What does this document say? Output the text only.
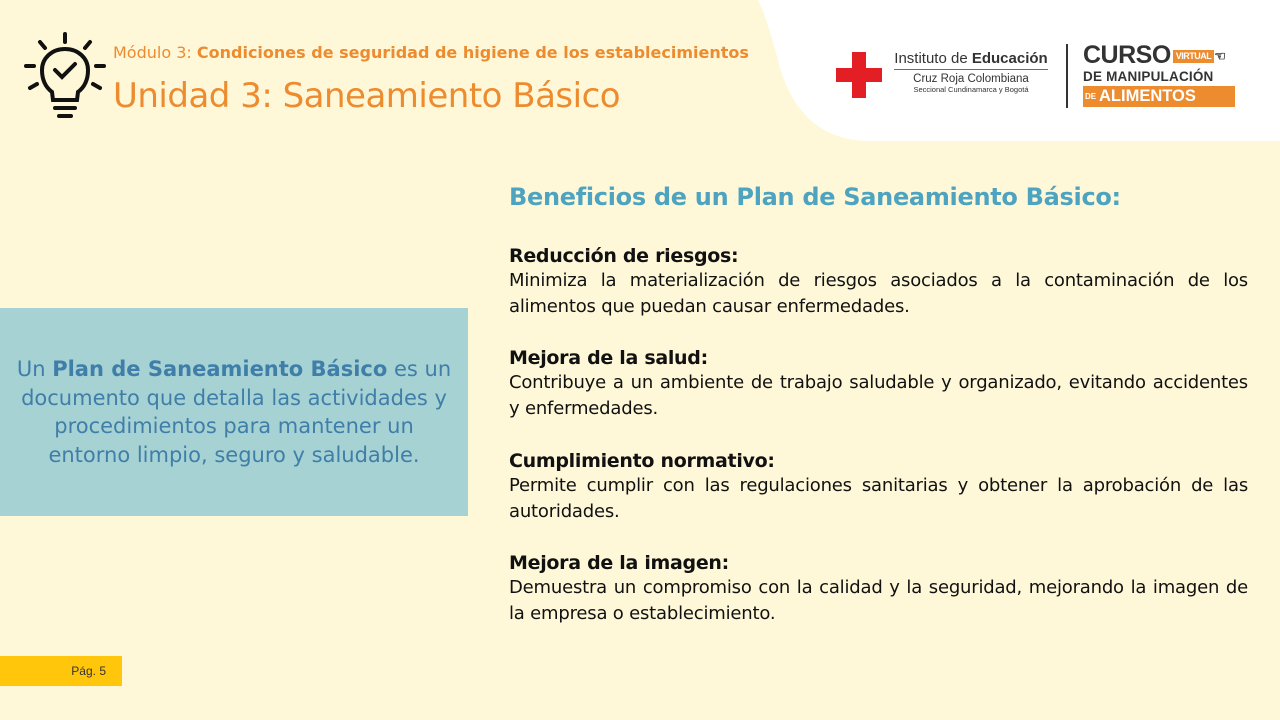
Módulo 3: Condiciones de seguridad de higiene de los establecimientos
Unidad 3: Saneamiento Básico
Instituto de Educación
Cruz Roja Colombiana
Seccional Cundinamarca y Bogotá
CURSO VIRTUAL ☜
DE MANIPULACIÓN
DE ALIMENTOS
Un Plan de Saneamiento Básico es un documento que detalla las actividades y procedimientos para mantener un entorno limpio, seguro y saludable.
Beneficios de un Plan de Saneamiento Básico:
Reducción de riesgos:
Minimiza la materialización de riesgos asociados a la contaminación de los alimentos que puedan causar enfermedades.
Mejora de la salud:
Contribuye a un ambiente de trabajo saludable y organizado, evitando accidentes y enfermedades.
Cumplimiento normativo:
Permite cumplir con las regulaciones sanitarias y obtener la aprobación de las autoridades.
Mejora de la imagen:
Demuestra un compromiso con la calidad y la seguridad, mejorando la imagen de la empresa o establecimiento.
Pág. 5
